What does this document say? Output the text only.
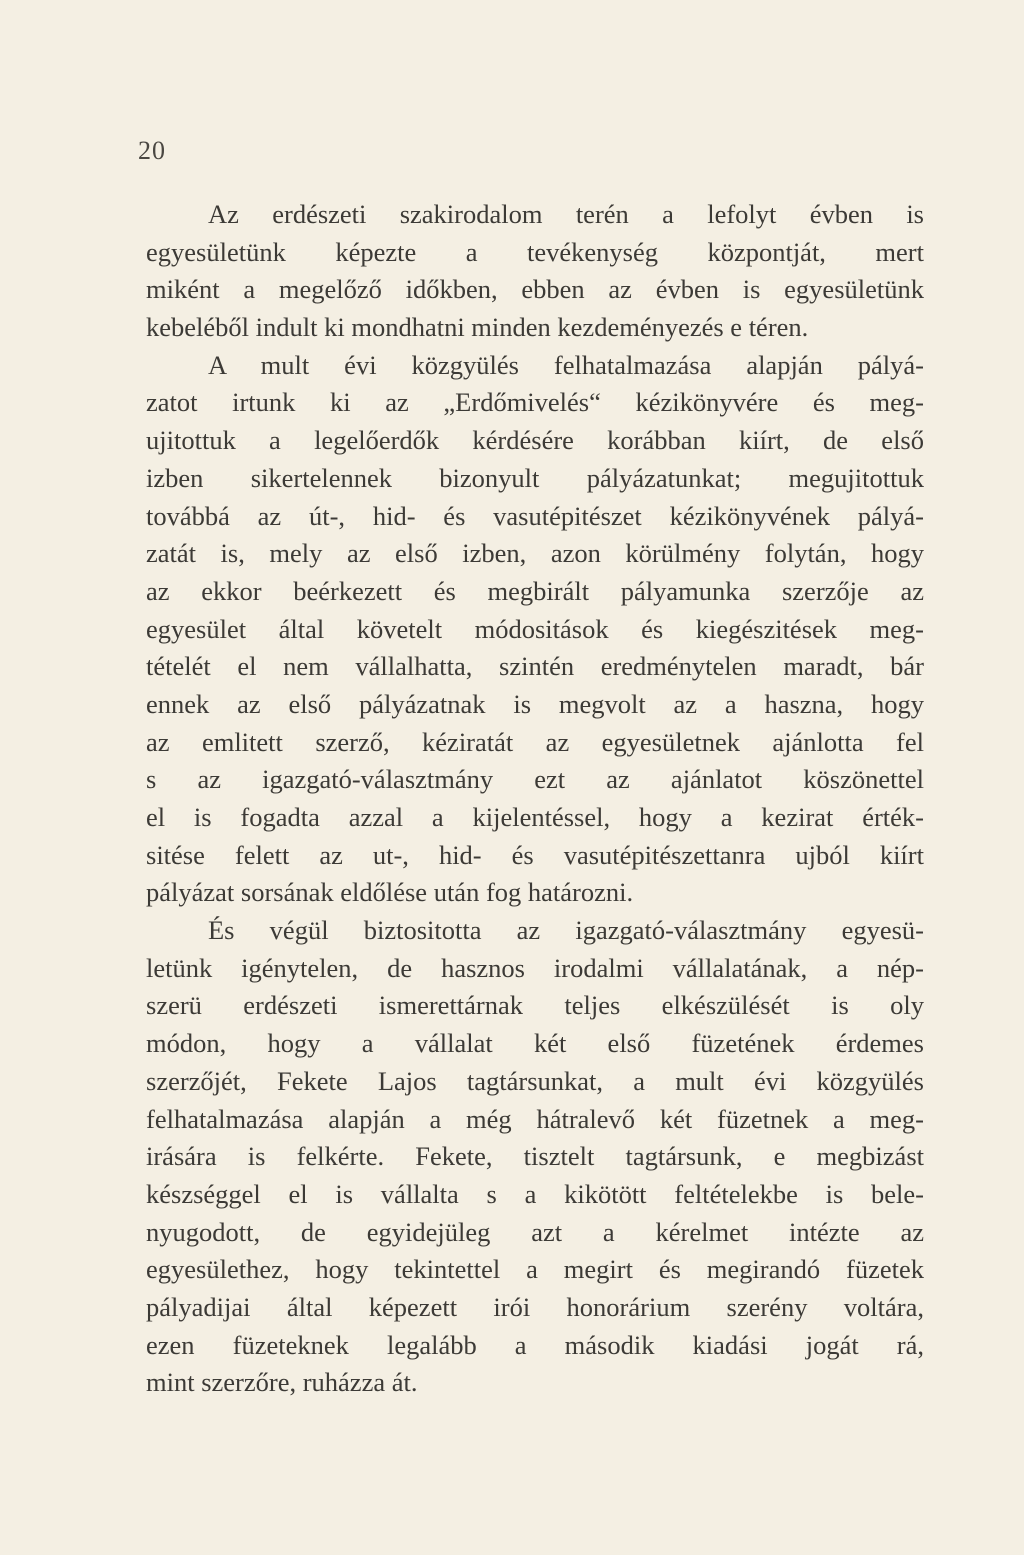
20
Az erdészeti szakirodalom terén a lefolyt évben is
egyesületünk képezte a tevékenység központját, mert
miként a megelőző időkben, ebben az évben is egyesületünk
kebeléből indult ki mondhatni minden kezdeményezés e téren.
A mult évi közgyülés felhatalmazása alapján pályá-
zatot irtunk ki az „Erdőmivelés“ kézikönyvére és meg-
ujitottuk a legelőerdők kérdésére korábban kiírt, de első
izben sikertelennek bizonyult pályázatunkat; megujitottuk
továbbá az út-, hid- és vasutépitészet kézikönyvének pályá-
zatát is, mely az első izben, azon körülmény folytán, hogy
az ekkor beérkezett és megbirált pályamunka szerzője az
egyesület által követelt módositások és kiegészitések meg-
tételét el nem vállalhatta, szintén eredménytelen maradt, bár
ennek az első pályázatnak is megvolt az a haszna, hogy
az emlitett szerző, kéziratát az egyesületnek ajánlotta fel
s az igazgató-választmány ezt az ajánlatot köszönettel
el is fogadta azzal a kijelentéssel, hogy a kezirat érték-
sitése felett az ut-, hid- és vasutépitészettanra ujból kiírt
pályázat sorsának eldőlése után fog határozni.
És végül biztositotta az igazgató-választmány egyesü-
letünk igénytelen, de hasznos irodalmi vállalatának, a nép-
szerü erdészeti ismerettárnak teljes elkészülését is oly
módon, hogy a vállalat két első füzetének érdemes
szerzőjét, Fekete Lajos tagtársunkat, a mult évi közgyülés
felhatalmazása alapján a még hátralevő két füzetnek a meg-
irására is felkérte. Fekete, tisztelt tagtársunk, e megbizást
készséggel el is vállalta s a kikötött feltételekbe is bele-
nyugodott, de egyidejüleg azt a kérelmet intézte az
egyesülethez, hogy tekintettel a megirt és megirandó füzetek
pályadijai által képezett irói honorárium szerény voltára,
ezen füzeteknek legalább a második kiadási jogát rá,
mint szerzőre, ruházza át.
